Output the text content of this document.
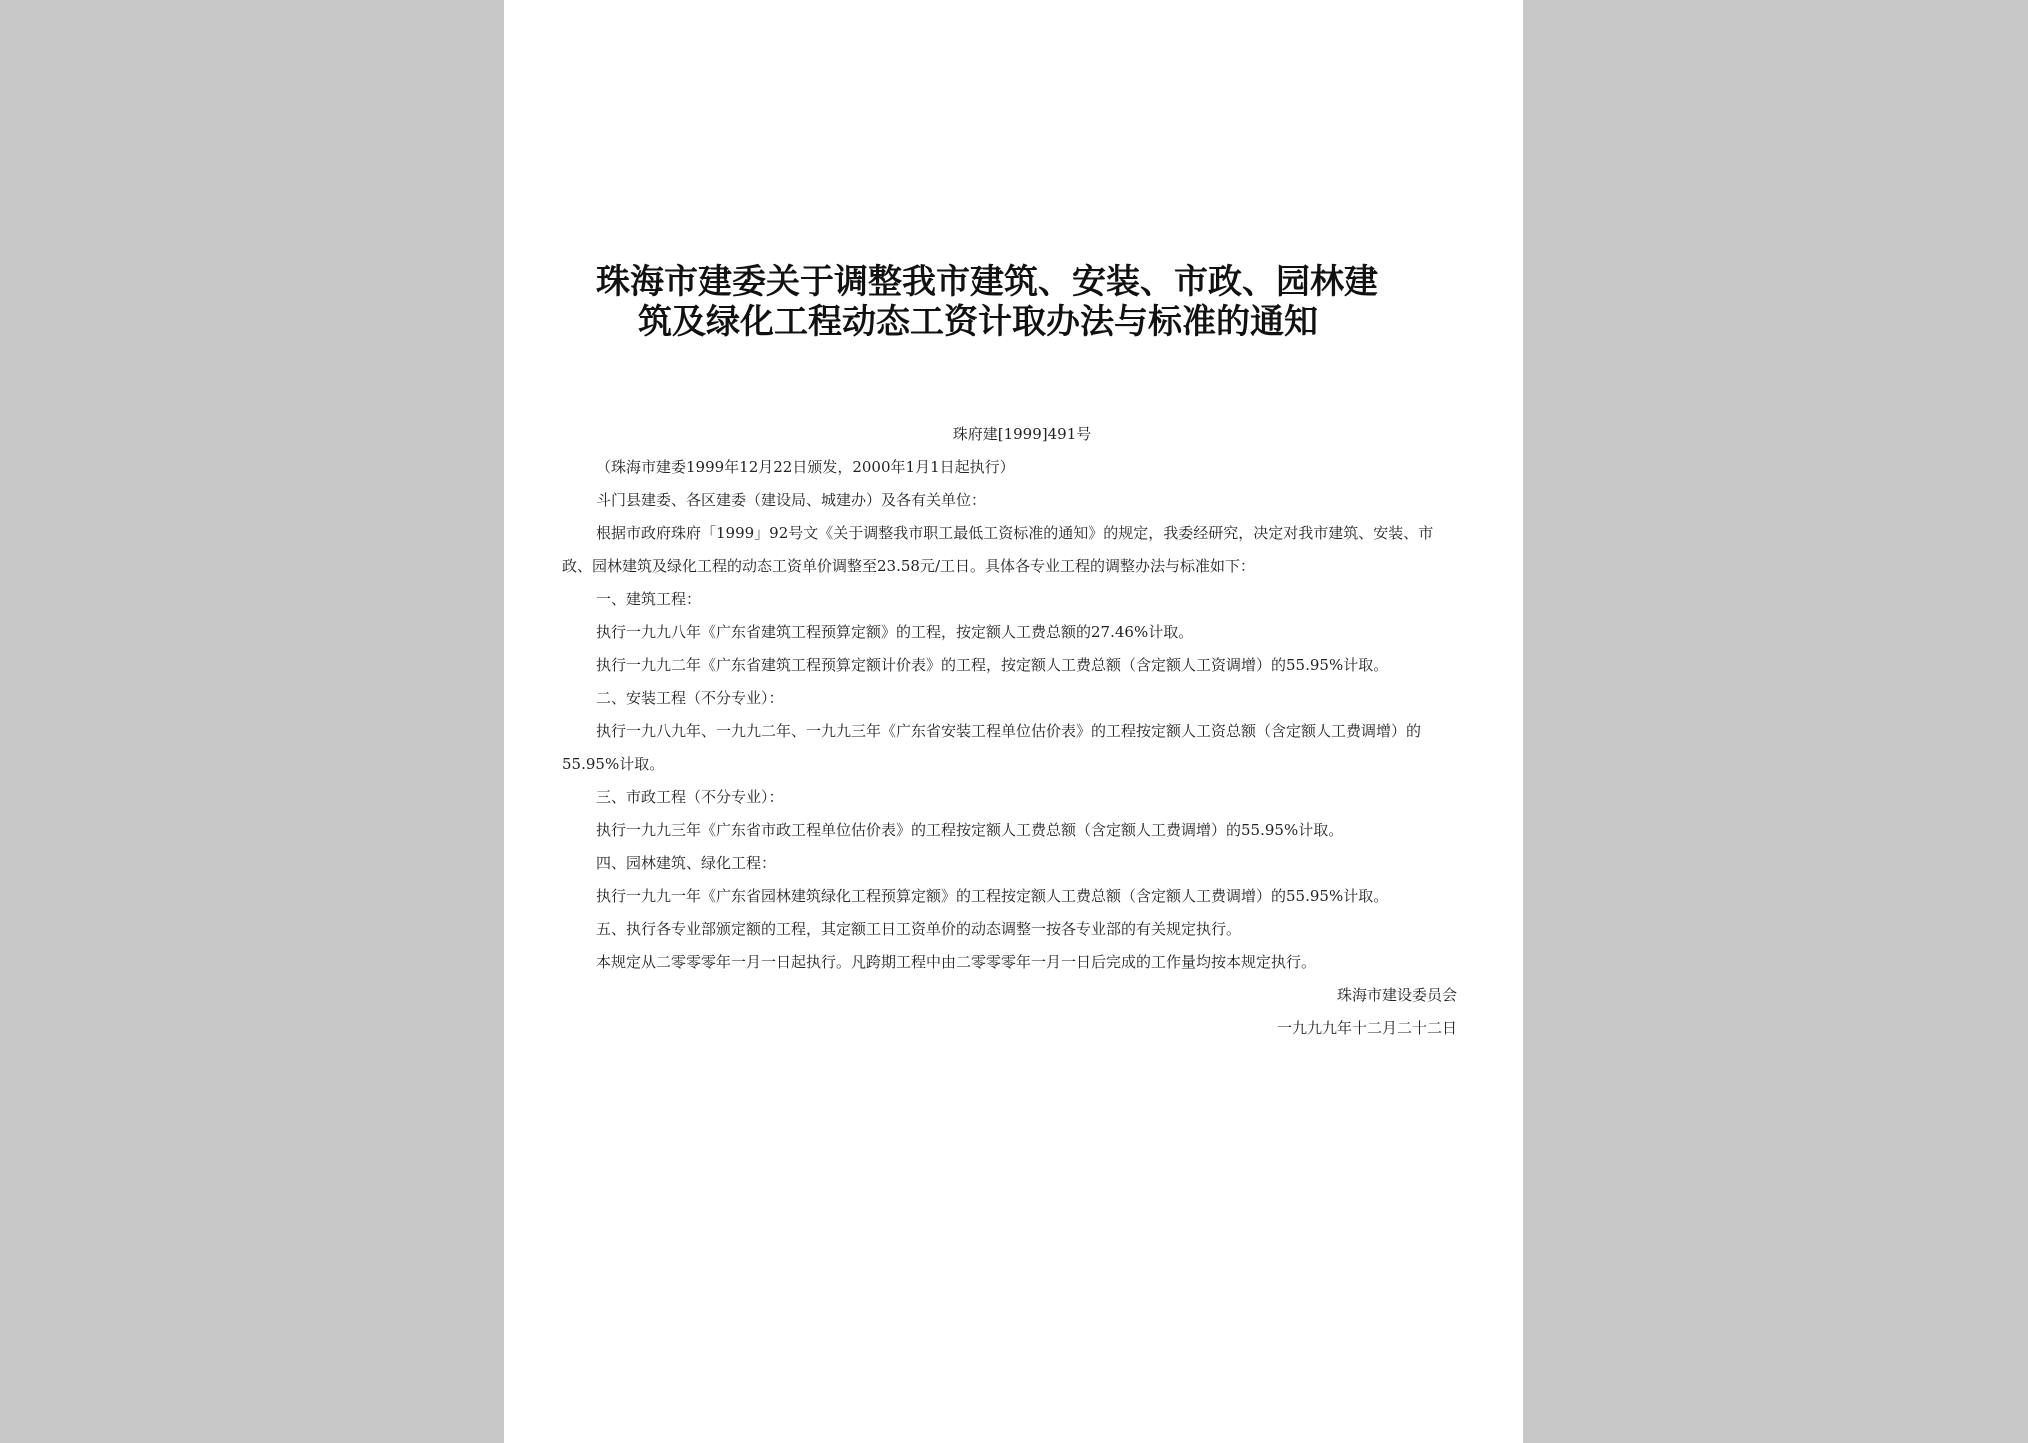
珠海市建委关于调整我市建筑、安装、市政、园林建
筑及绿化工程动态工资计取办法与标准的通知
珠府建[1999]491号

（珠海市建委1999年12月22日颁发，2000年1月1日起执行）

斗门县建委、各区建委（建设局、城建办）及各有关单位：

根据市政府珠府「1999」92号文《关于调整我市职工最低工资标准的通知》的规定，我委经研究，决定对我市建筑、安装、市政、园林建筑及绿化工程的动态工资单价调整至23.58元/工日。具体各专业工程的调整办法与标准如下：

一、建筑工程：

执行一九九八年《广东省建筑工程预算定额》的工程，按定额人工费总额的27.46%计取。

执行一九九二年《广东省建筑工程预算定额计价表》的工程，按定额人工费总额（含定额人工资调增）的55.95%计取。

二、安装工程（不分专业）：

执行一九八九年、一九九二年、一九九三年《广东省安装工程单位估价表》的工程按定额人工资总额（含定额人工费调增）的55.95%计取。

三、市政工程（不分专业）：

执行一九九三年《广东省市政工程单位估价表》的工程按定额人工费总额（含定额人工费调增）的55.95%计取。

四、园林建筑、绿化工程：

执行一九九一年《广东省园林建筑绿化工程预算定额》的工程按定额人工费总额（含定额人工费调增）的55.95%计取。

五、执行各专业部颁定额的工程，其定额工日工资单价的动态调整一按各专业部的有关规定执行。

本规定从二零零零年一月一日起执行。凡跨期工程中由二零零零年一月一日后完成的工作量均按本规定执行。

珠海市建设委员会
一九九九年十二月二十二日
